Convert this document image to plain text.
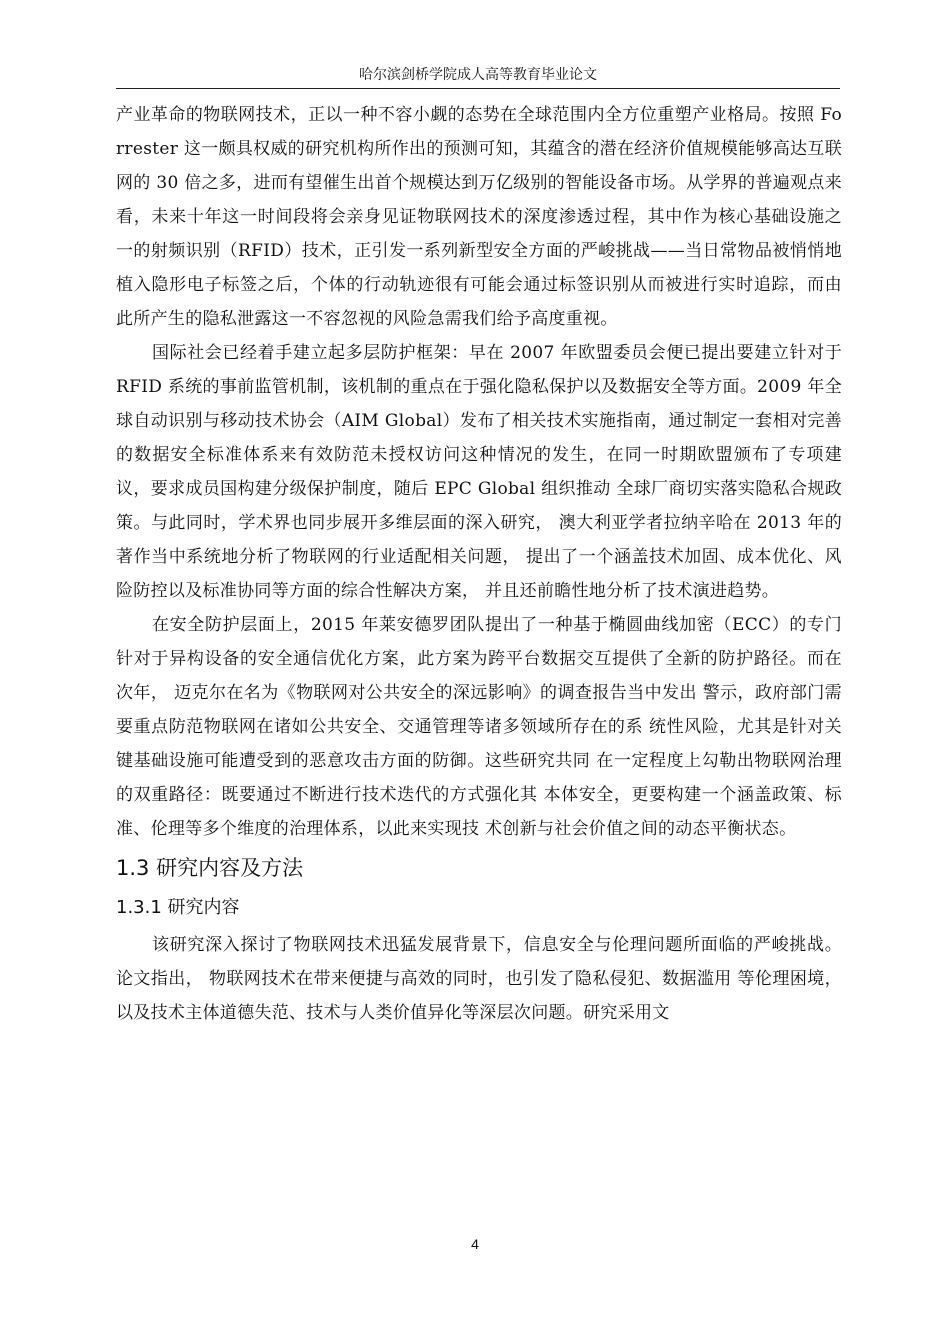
哈尔滨剑桥学院成人高等教育毕业论文

产业革命的物联网技术，正以一种不容小觑的态势在全球范围内全方位重塑产业格局。按照 Forrester 这一颇具权威的研究机构所作出的预测可知，其蕴含的潜在经济价值规模能够高达互联网的 30 倍之多，进而有望催生出首个规模达到万亿级别的智能设备市场。从学界的普遍观点来看，未来十年这一时间段将会亲身见证物联网技术的深度渗透过程，其中作为核心基础设施之一的射频识别（RFID）技术，正引发一系列新型安全方面的严峻挑战——当日常物品被悄悄地植入隐形电子标签之后，个体的行动轨迹很有可能会通过标签识别从而被进行实时追踪，而由此所产生的隐私泄露这一不容忽视的风险急需我们给予高度重视。

国际社会已经着手建立起多层防护框架：早在 2007 年欧盟委员会便已提出要建立针对于 RFID 系统的事前监管机制，该机制的重点在于强化隐私保护以及数据安全等方面。2009 年全球自动识别与移动技术协会（AIM Global）发布了相关技术实施指南，通过制定一套相对完善的数据安全标准体系来有效防范未授权访问这种情况的发生，在同一时期欧盟颁布了专项建议，要求成员国构建分级保护制度，随后 EPC Global 组织推动 全球厂商切实落实隐私合规政策。与此同时，学术界也同步展开多维层面的深入研究， 澳大利亚学者拉纳辛哈在 2013 年的著作当中系统地分析了物联网的行业适配相关问题， 提出了一个涵盖技术加固、成本优化、风险防控以及标准协同等方面的综合性解决方案， 并且还前瞻性地分析了技术演进趋势。

在安全防护层面上，2015 年莱安德罗团队提出了一种基于椭圆曲线加密（ECC）的专门针对于异构设备的安全通信优化方案，此方案为跨平台数据交互提供了全新的防护路径。而在次年， 迈克尔在名为《物联网对公共安全的深远影响》的调查报告当中发出 警示，政府部门需要重点防范物联网在诸如公共安全、交通管理等诸多领域所存在的系 统性风险，尤其是针对关键基础设施可能遭受到的恶意攻击方面的防御。这些研究共同 在一定程度上勾勒出物联网治理的双重路径：既要通过不断进行技术迭代的方式强化其 本体安全，更要构建一个涵盖政策、标准、伦理等多个维度的治理体系，以此来实现技 术创新与社会价值之间的动态平衡状态。

1.3 研究内容及方法
1.3.1 研究内容

该研究深入探讨了物联网技术迅猛发展背景下，信息安全与伦理问题所面临的严峻挑战。论文指出， 物联网技术在带来便捷与高效的同时，也引发了隐私侵犯、数据滥用 等伦理困境，以及技术主体道德失范、技术与人类价值异化等深层次问题。研究采用文

4
